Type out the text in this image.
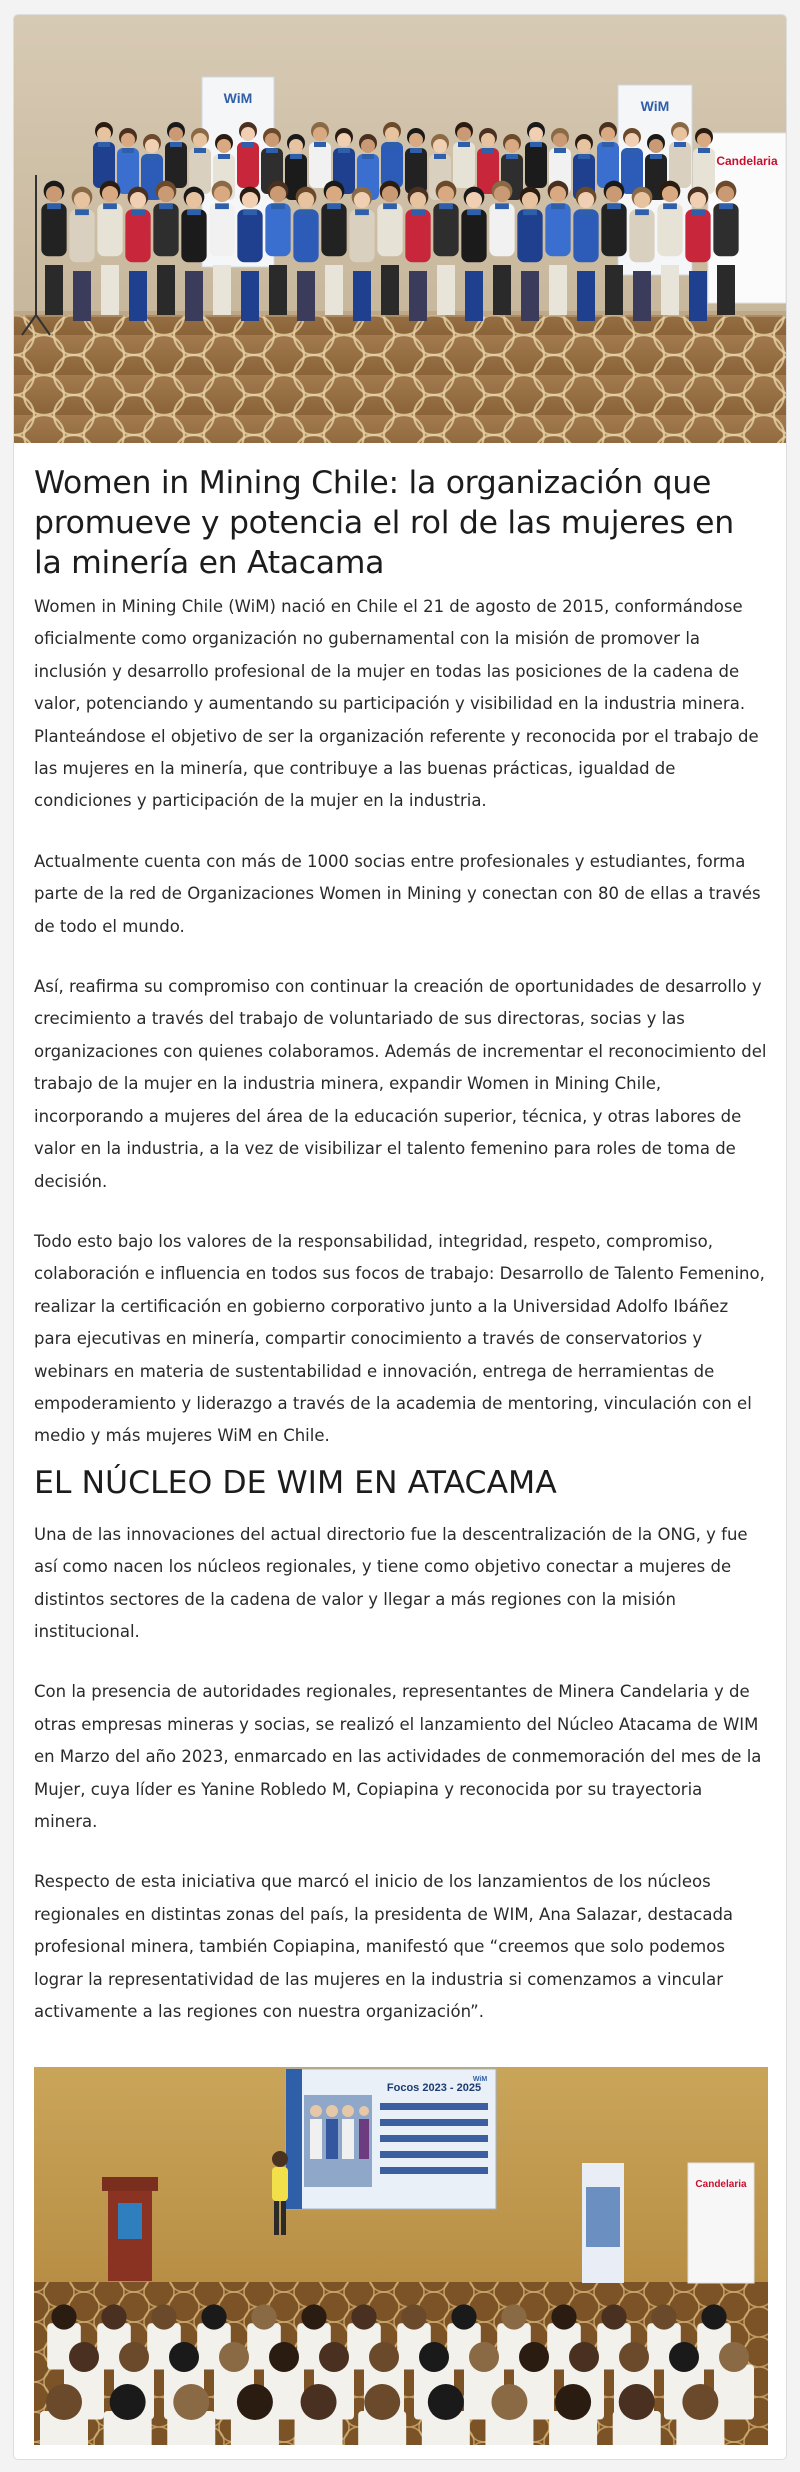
WiM	WiM
Candelaria
Women in Mining Chile: la organización que promueve y potencia el rol de las mujeres en la minería en Atacama

Women in Mining Chile (WiM) nació en Chile el 21 de agosto de 2015, conformándose oficialmente como organización no gubernamental con la misión de promover la inclusión y desarrollo profesional de la mujer en todas las posiciones de la cadena de valor, potenciando y aumentando su participación y visibilidad en la industria minera. Planteándose el objetivo de ser la organización referente y reconocida por el trabajo de las mujeres en la minería, que contribuye a las buenas prácticas, igualdad de condiciones y participación de la mujer en la industria.

Actualmente cuenta con más de 1000 socias entre profesionales y estudiantes, forma parte de la red de Organizaciones Women in Mining y conectan con 80 de ellas a través de todo el mundo.

Así, reafirma su compromiso con continuar la creación de oportunidades de desarrollo y crecimiento a través del trabajo de voluntariado de sus directoras, socias y las organizaciones con quienes colaboramos. Además de incrementar el reconocimiento del trabajo de la mujer en la industria minera, expandir Women in Mining Chile, incorporando a mujeres del área de la educación superior, técnica, y otras labores de valor en la industria, a la vez de visibilizar el talento femenino para roles de toma de decisión.

Todo esto bajo los valores de la responsabilidad, integridad, respeto, compromiso, colaboración e influencia en todos sus focos de trabajo: Desarrollo de Talento Femenino, realizar la certificación en gobierno corporativo junto a la Universidad Adolfo Ibáñez para ejecutivas en minería, compartir conocimiento a través de conservatorios y webinars en materia de sustentabilidad e innovación, entrega de herramientas de empoderamiento y liderazgo a través de la academia de mentoring, vinculación con el medio y más mujeres WiM en Chile.

EL NÚCLEO DE WIM EN ATACAMA

Una de las innovaciones del actual directorio fue la descentralización de la ONG, y fue así como nacen los núcleos regionales, y tiene como objetivo conectar a mujeres de distintos sectores de la cadena de valor y llegar a más regiones con la misión institucional.

Con la presencia de autoridades regionales, representantes de Minera Candelaria y de otras empresas mineras y socias, se realizó el lanzamiento del Núcleo Atacama de WIM en Marzo del año 2023, enmarcado en las actividades de conmemoración del mes de la Mujer, cuya líder es Yanine Robledo M, Copiapina y reconocida por su trayectoria minera.

Respecto de esta iniciativa que marcó el inicio de los lanzamientos de los núcleos regionales en distintas zonas del país, la presidenta de WIM, Ana Salazar, destacada profesional minera, también Copiapina, manifestó que “creemos que solo podemos lograr la representatividad de las mujeres en la industria si comenzamos a vincular activamente a las regiones con nuestra organización”.

Focos 2023 - 2025
WiM
Candelaria
